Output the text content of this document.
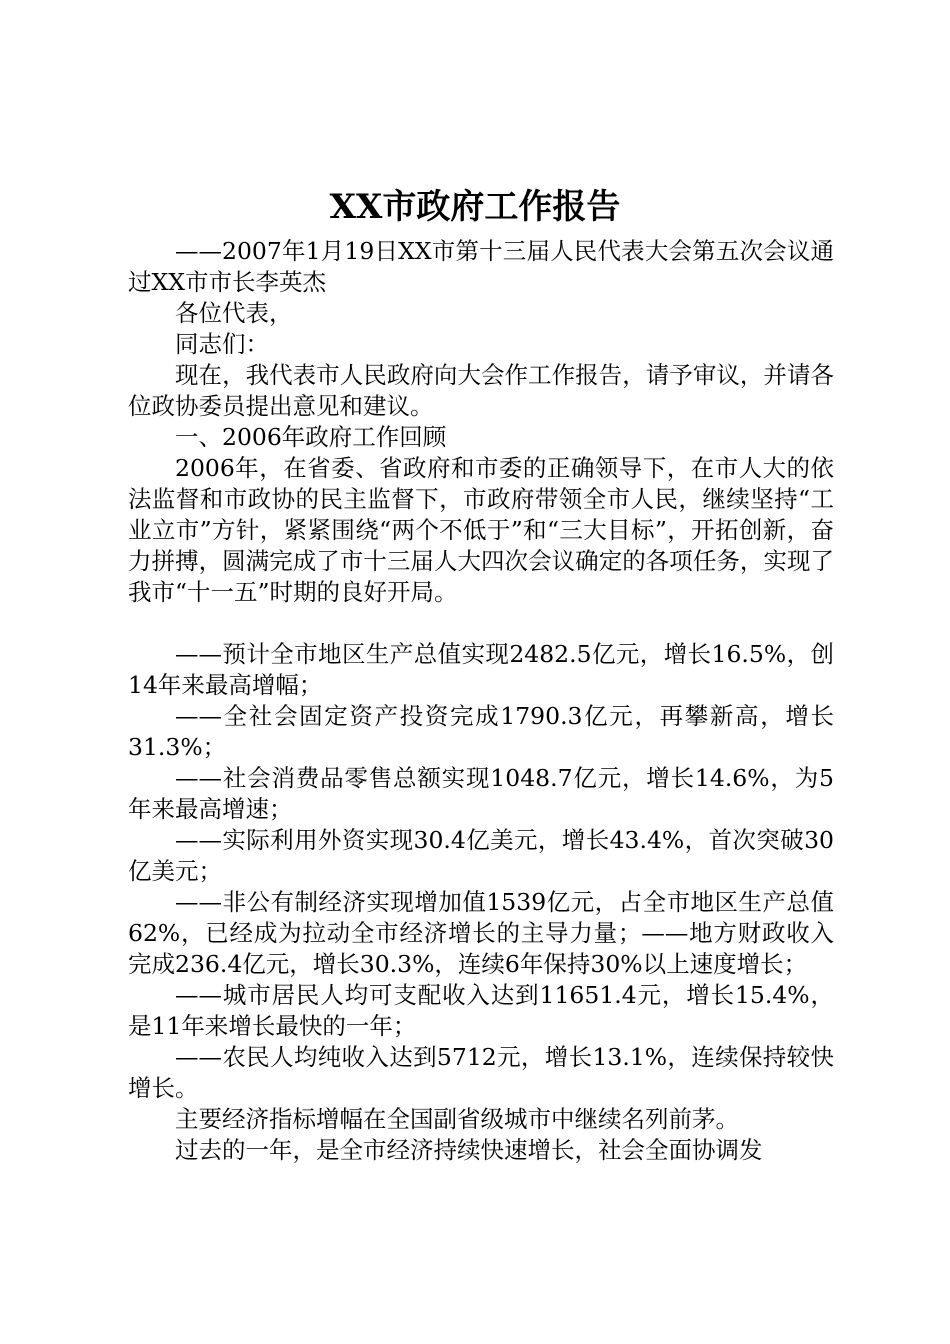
XX市政府工作报告

——2007年1月19日XX市第十三届人民代表大会第五次会议通过XX市市长李英杰

各位代表，

同志们：

现在，我代表市人民政府向大会作工作报告，请予审议，并请各位政协委员提出意见和建议。

一、2006年政府工作回顾

2006年，在省委、省政府和市委的正确领导下，在市人大的依法监督和市政协的民主监督下，市政府带领全市人民，继续坚持“工业立市”方针，紧紧围绕“两个不低于”和“三大目标”，开拓创新，奋力拼搏，圆满完成了市十三届人大四次会议确定的各项任务，实现了我市“十一五”时期的良好开局。

——预计全市地区生产总值实现2482.5亿元，增长16.5%，创14年来最高增幅；

——全社会固定资产投资完成1790.3亿元，再攀新高，增长31.3%；

——社会消费品零售总额实现1048.7亿元，增长14.6%，为5年来最高增速；

——实际利用外资实现30.4亿美元，增长43.4%，首次突破30亿美元；

——非公有制经济实现增加值1539亿元，占全市地区生产总值62%，已经成为拉动全市经济增长的主导力量；——地方财政收入完成236.4亿元，增长30.3%，连续6年保持30%以上速度增长；

——城市居民人均可支配收入达到11651.4元，增长15.4%，是11年来增长最快的一年；

——农民人均纯收入达到5712元，增长13.1%，连续保持较快增长。

主要经济指标增幅在全国副省级城市中继续名列前茅。

过去的一年，是全市经济持续快速增长，社会全面协调发
